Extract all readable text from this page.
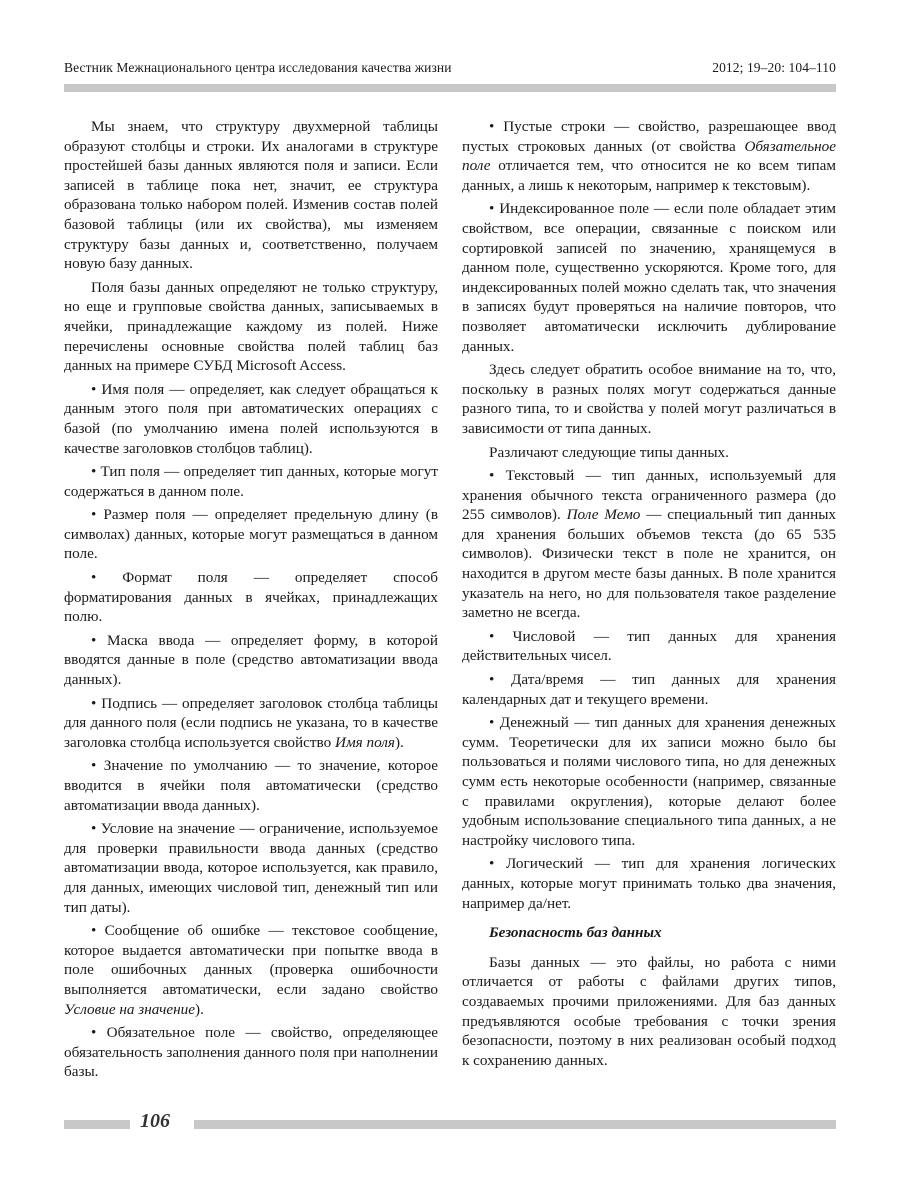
Вестник Межнационального центра исследования качества жизни	2012; 19–20: 104–110

Мы знаем, что структуру двухмерной таблицы образуют столбцы и строки. Их аналогами в структуре простейшей базы данных являются поля и записи. Если записей в таблице пока нет, значит, ее структура образована только набором полей. Изменив состав полей базовой таблицы (или их свойства), мы изменяем структуру базы данных и, соответственно, получаем новую базу данных.

Поля базы данных определяют не только структуру, но еще и групповые свойства данных, записываемых в ячейки, принадлежащие каждому из полей. Ниже перечислены основные свойства полей таблиц баз данных на примере СУБД Microsoft Access.

• Имя поля — определяет, как следует обращаться к данным этого поля при автоматических операциях с базой (по умолчанию имена полей используются в качестве заголовков столбцов таблиц).

• Тип поля — определяет тип данных, которые могут содержаться в данном поле.

• Размер поля — определяет предельную длину (в символах) данных, которые могут размещаться в данном поле.

• Формат поля — определяет способ форматирования данных в ячейках, принадлежащих полю.

• Маска ввода — определяет форму, в которой вводятся данные в поле (средство автоматизации ввода данных).

• Подпись — определяет заголовок столбца таблицы для данного поля (если подпись не указана, то в качестве заголовка столбца используется свойство Имя поля).

• Значение по умолчанию — то значение, которое вводится в ячейки поля автоматически (средство автоматизации ввода данных).

• Условие на значение — ограничение, используемое для проверки правильности ввода данных (средство автоматизации ввода, которое используется, как правило, для данных, имеющих числовой тип, денежный тип или тип даты).

• Сообщение об ошибке — текстовое сообщение, которое выдается автоматически при попытке ввода в поле ошибочных данных (проверка ошибочности выполняется автоматически, если задано свойство Условие на значение).

• Обязательное поле — свойство, определяющее обязательность заполнения данного поля при наполнении базы.

• Пустые строки — свойство, разрешающее ввод пустых строковых данных (от свойства Обязательное поле отличается тем, что относится не ко всем типам данных, а лишь к некоторым, например к текстовым).

• Индексированное поле — если поле обладает этим свойством, все операции, связанные с поиском или сортировкой записей по значению, хранящемуся в данном поле, существенно ускоряются. Кроме того, для индексированных полей можно сделать так, что значения в записях будут проверяться на наличие повторов, что позволяет автоматически исключить дублирование данных.

Здесь следует обратить особое внимание на то, что, поскольку в разных полях могут содержаться данные разного типа, то и свойства у полей могут различаться в зависимости от типа данных.

Различают следующие типы данных.

• Текстовый — тип данных, используемый для хранения обычного текста ограниченного размера (до 255 символов). Поле Мемо — специальный тип данных для хранения больших объемов текста (до 65 535 символов). Физически текст в поле не хранится, он находится в другом месте базы данных. В поле хранится указатель на него, но для пользователя такое разделение заметно не всегда.

• Числовой — тип данных для хранения действительных чисел.

• Дата/время — тип данных для хранения календарных дат и текущего времени.

• Денежный — тип данных для хранения денежных сумм. Теоретически для их записи можно было бы пользоваться и полями числового типа, но для денежных сумм есть некоторые особенности (например, связанные с правилами округления), которые делают более удобным использование специального типа данных, а не настройку числового типа.

• Логический — тип для хранения логических данных, которые могут принимать только два значения, например да/нет.

Безопасность баз данных

Базы данных — это файлы, но работа с ними отличается от работы с файлами других типов, создаваемых прочими приложениями. Для баз данных предъявляются особые требования с точки зрения безопасности, поэтому в них реализован особый подход к сохранению данных.

106
